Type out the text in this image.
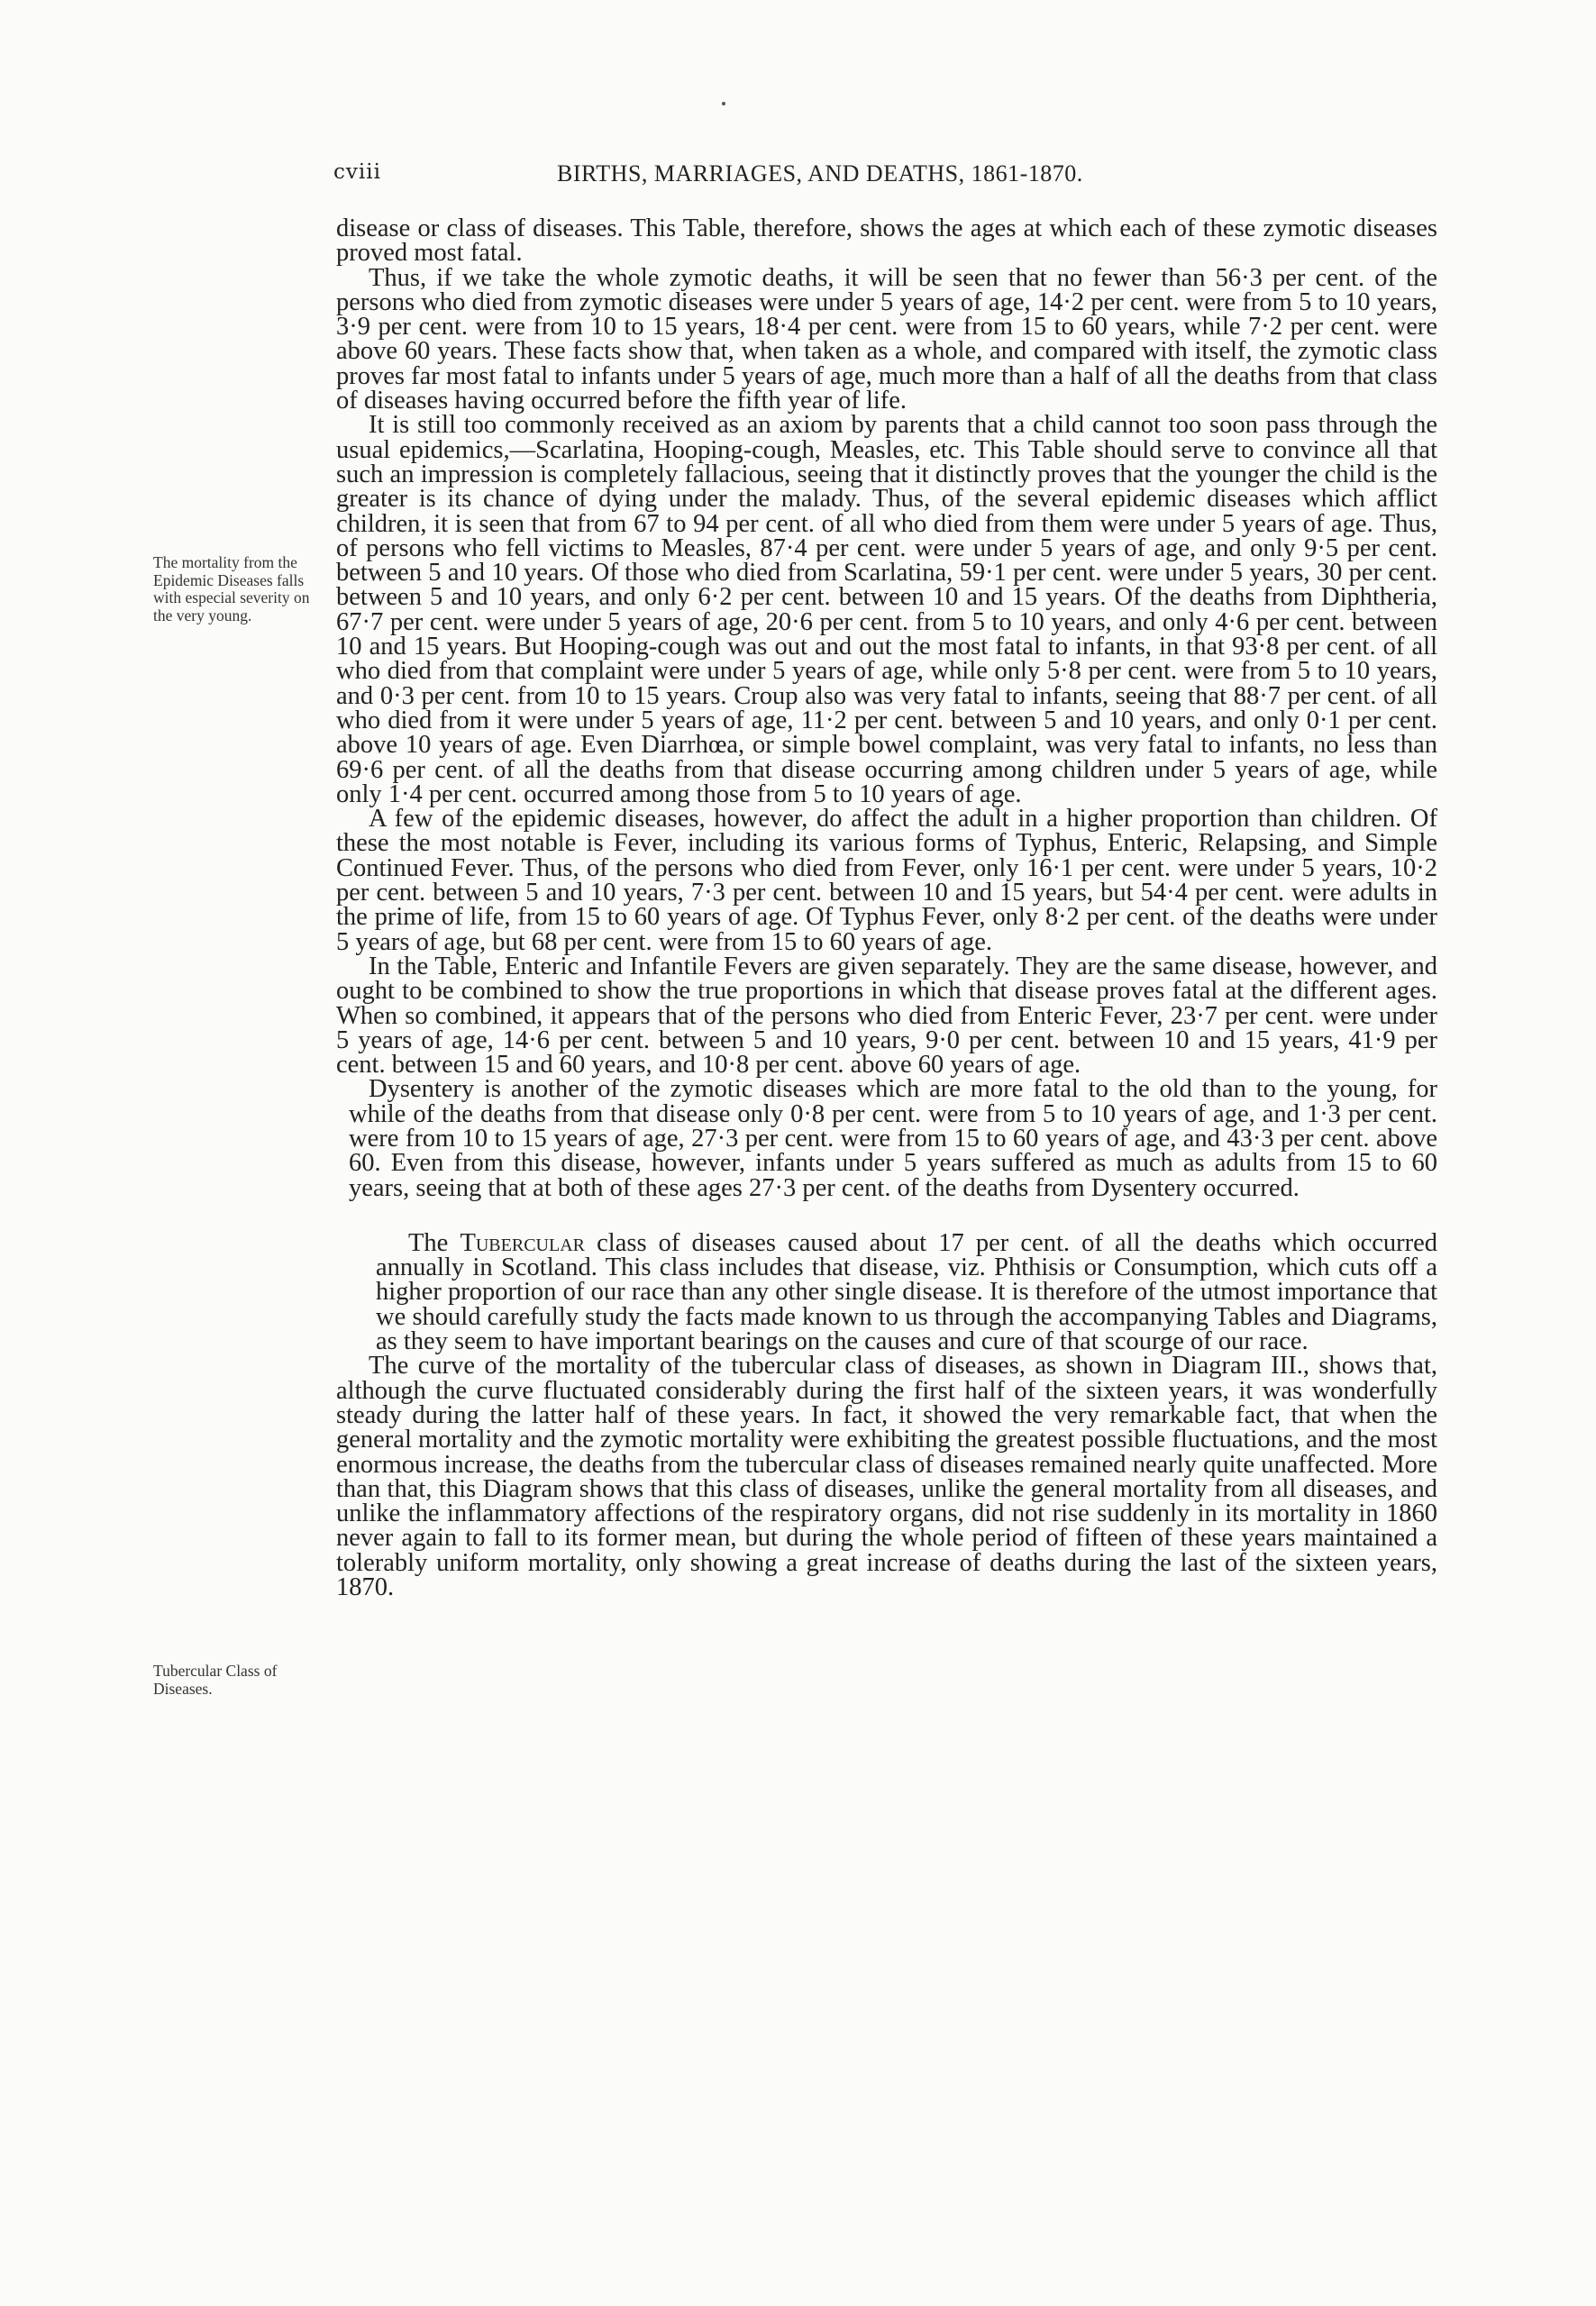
cviii	BIRTHS, MARRIAGES, AND DEATHS, 1861-1870.
The mortality from the Epidemic Diseases falls with especial severity on the very young.
Tubercular Class of Diseases.

disease or class of diseases. This Table, therefore, shows the ages at which each of these zymotic diseases proved most fatal.

Thus, if we take the whole zymotic deaths, it will be seen that no fewer than 56·3 per cent. of the persons who died from zymotic diseases were under 5 years of age, 14·2 per cent. were from 5 to 10 years, 3·9 per cent. were from 10 to 15 years, 18·4 per cent. were from 15 to 60 years, while 7·2 per cent. were above 60 years. These facts show that, when taken as a whole, and compared with itself, the zymotic class proves far most fatal to infants under 5 years of age, much more than a half of all the deaths from that class of diseases having occurred before the fifth year of life.

It is still too commonly received as an axiom by parents that a child cannot too soon pass through the usual epidemics,—Scarlatina, Hooping-cough, Measles, etc. This Table should serve to convince all that such an impression is completely fallacious, seeing that it distinctly proves that the younger the child is the greater is its chance of dying under the malady. Thus, of the several epidemic diseases which afflict children, it is seen that from 67 to 94 per cent. of all who died from them were under 5 years of age. Thus, of persons who fell victims to Measles, 87·4 per cent. were under 5 years of age, and only 9·5 per cent. between 5 and 10 years. Of those who died from Scarlatina, 59·1 per cent. were under 5 years, 30 per cent. between 5 and 10 years, and only 6·2 per cent. between 10 and 15 years. Of the deaths from Diphtheria, 67·7 per cent. were under 5 years of age, 20·6 per cent. from 5 to 10 years, and only 4·6 per cent. between 10 and 15 years. But Hooping-cough was out and out the most fatal to infants, in that 93·8 per cent. of all who died from that complaint were under 5 years of age, while only 5·8 per cent. were from 5 to 10 years, and 0·3 per cent. from 10 to 15 years. Croup also was very fatal to infants, seeing that 88·7 per cent. of all who died from it were under 5 years of age, 11·2 per cent. between 5 and 10 years, and only 0·1 per cent. above 10 years of age. Even Diarrhœa, or simple bowel complaint, was very fatal to infants, no less than 69·6 per cent. of all the deaths from that disease occurring among children under 5 years of age, while only 1·4 per cent. occurred among those from 5 to 10 years of age.

A few of the epidemic diseases, however, do affect the adult in a higher proportion than children. Of these the most notable is Fever, including its various forms of Typhus, Enteric, Relapsing, and Simple Continued Fever. Thus, of the persons who died from Fever, only 16·1 per cent. were under 5 years, 10·2 per cent. between 5 and 10 years, 7·3 per cent. between 10 and 15 years, but 54·4 per cent. were adults in the prime of life, from 15 to 60 years of age. Of Typhus Fever, only 8·2 per cent. of the deaths were under 5 years of age, but 68 per cent. were from 15 to 60 years of age.

In the Table, Enteric and Infantile Fevers are given separately. They are the same disease, however, and ought to be combined to show the true proportions in which that disease proves fatal at the different ages. When so combined, it appears that of the persons who died from Enteric Fever, 23·7 per cent. were under 5 years of age, 14·6 per cent. between 5 and 10 years, 9·0 per cent. between 10 and 15 years, 41·9 per cent. between 15 and 60 years, and 10·8 per cent. above 60 years of age.

Dysentery is another of the zymotic diseases which are more fatal to the old than to the young, for while of the deaths from that disease only 0·8 per cent. were from 5 to 10 years of age, and 1·3 per cent. were from 10 to 15 years of age, 27·3 per cent. were from 15 to 60 years of age, and 43·3 per cent. above 60. Even from this disease, however, infants under 5 years suffered as much as adults from 15 to 60 years, seeing that at both of these ages 27·3 per cent. of the deaths from Dysentery occurred.

The Tubercular class of diseases caused about 17 per cent. of all the deaths which occurred annually in Scotland. This class includes that disease, viz. Phthisis or Consumption, which cuts off a higher proportion of our race than any other single disease. It is therefore of the utmost importance that we should carefully study the facts made known to us through the accompanying Tables and Diagrams, as they seem to have important bearings on the causes and cure of that scourge of our race.

The curve of the mortality of the tubercular class of diseases, as shown in Diagram III., shows that, although the curve fluctuated considerably during the first half of the sixteen years, it was wonderfully steady during the latter half of these years. In fact, it showed the very remarkable fact, that when the general mortality and the zymotic mortality were exhibiting the greatest possible fluctuations, and the most enormous increase, the deaths from the tubercular class of diseases remained nearly quite unaffected. More than that, this Diagram shows that this class of diseases, unlike the general mortality from all diseases, and unlike the inflammatory affections of the respiratory organs, did not rise suddenly in its mortality in 1860 never again to fall to its former mean, but during the whole period of fifteen of these years maintained a tolerably uniform mortality, only showing a great increase of deaths during the last of the sixteen years, 1870.
